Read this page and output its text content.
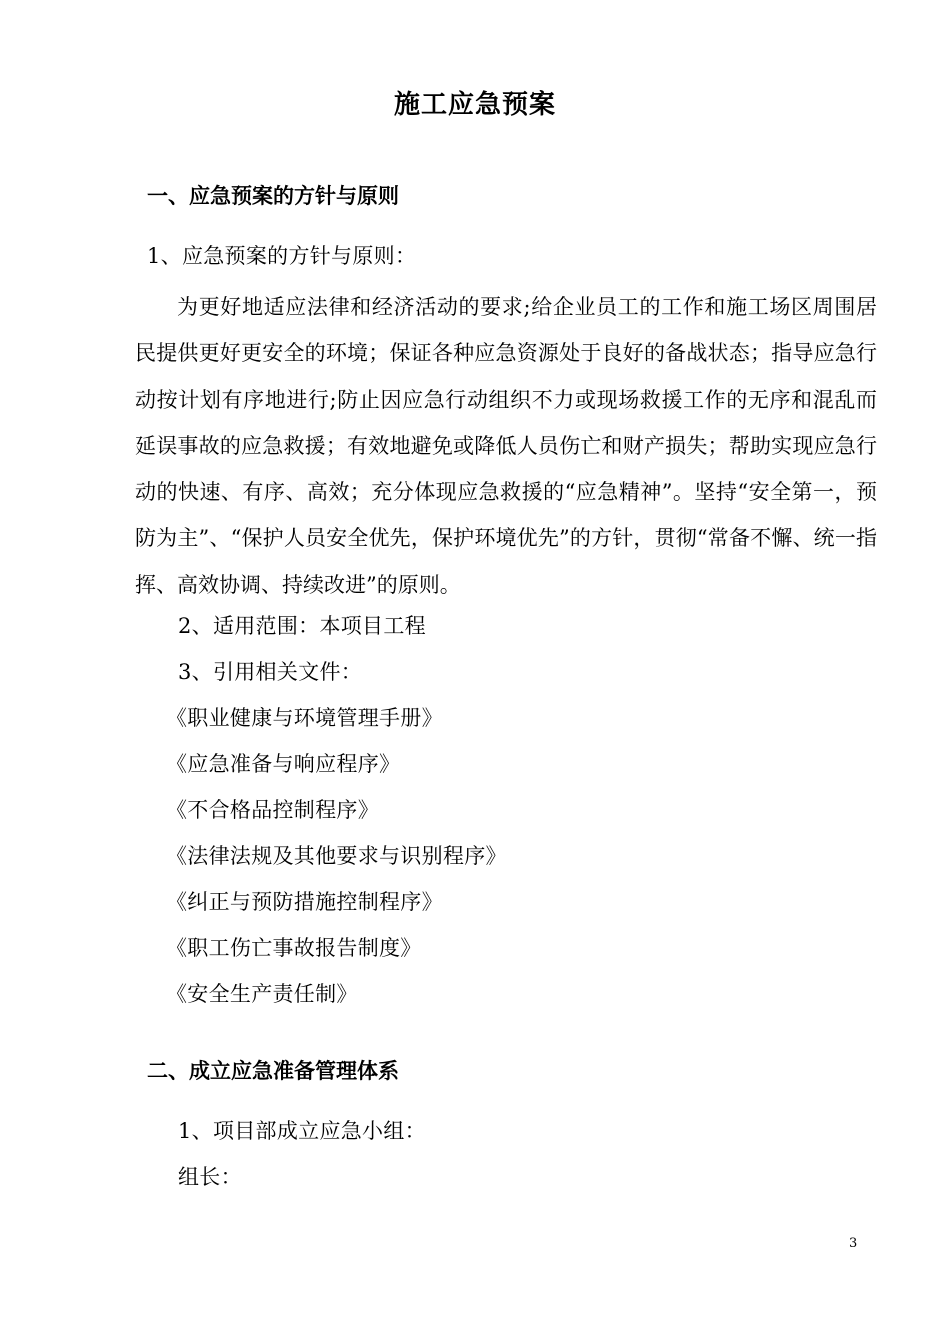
施工应急预案
一、应急预案的方针与原则
1、应急预案的方针与原则：
为更好地适应法律和经济活动的要求;给企业员工的工作和施工场区周围居民提供更好更安全的环境；保证各种应急资源处于良好的备战状态；指导应急行动按计划有序地进行;防止因应急行动组织不力或现场救援工作的无序和混乱而延误事故的应急救援；有效地避免或降低人员伤亡和财产损失；帮助实现应急行动的快速、有序、高效；充分体现应急救援的“应急精神”。坚持“安全第一，预防为主”、“保护人员安全优先，保护环境优先”的方针，贯彻“常备不懈、统一指挥、高效协调、持续改进”的原则。
2、适用范围：本项目工程
3、引用相关文件：
《职业健康与环境管理手册》
《应急准备与响应程序》
《不合格品控制程序》
《法律法规及其他要求与识别程序》
《纠正与预防措施控制程序》
《职工伤亡事故报告制度》
《安全生产责任制》
二、成立应急准备管理体系
1、项目部成立应急小组：
组长：
3
